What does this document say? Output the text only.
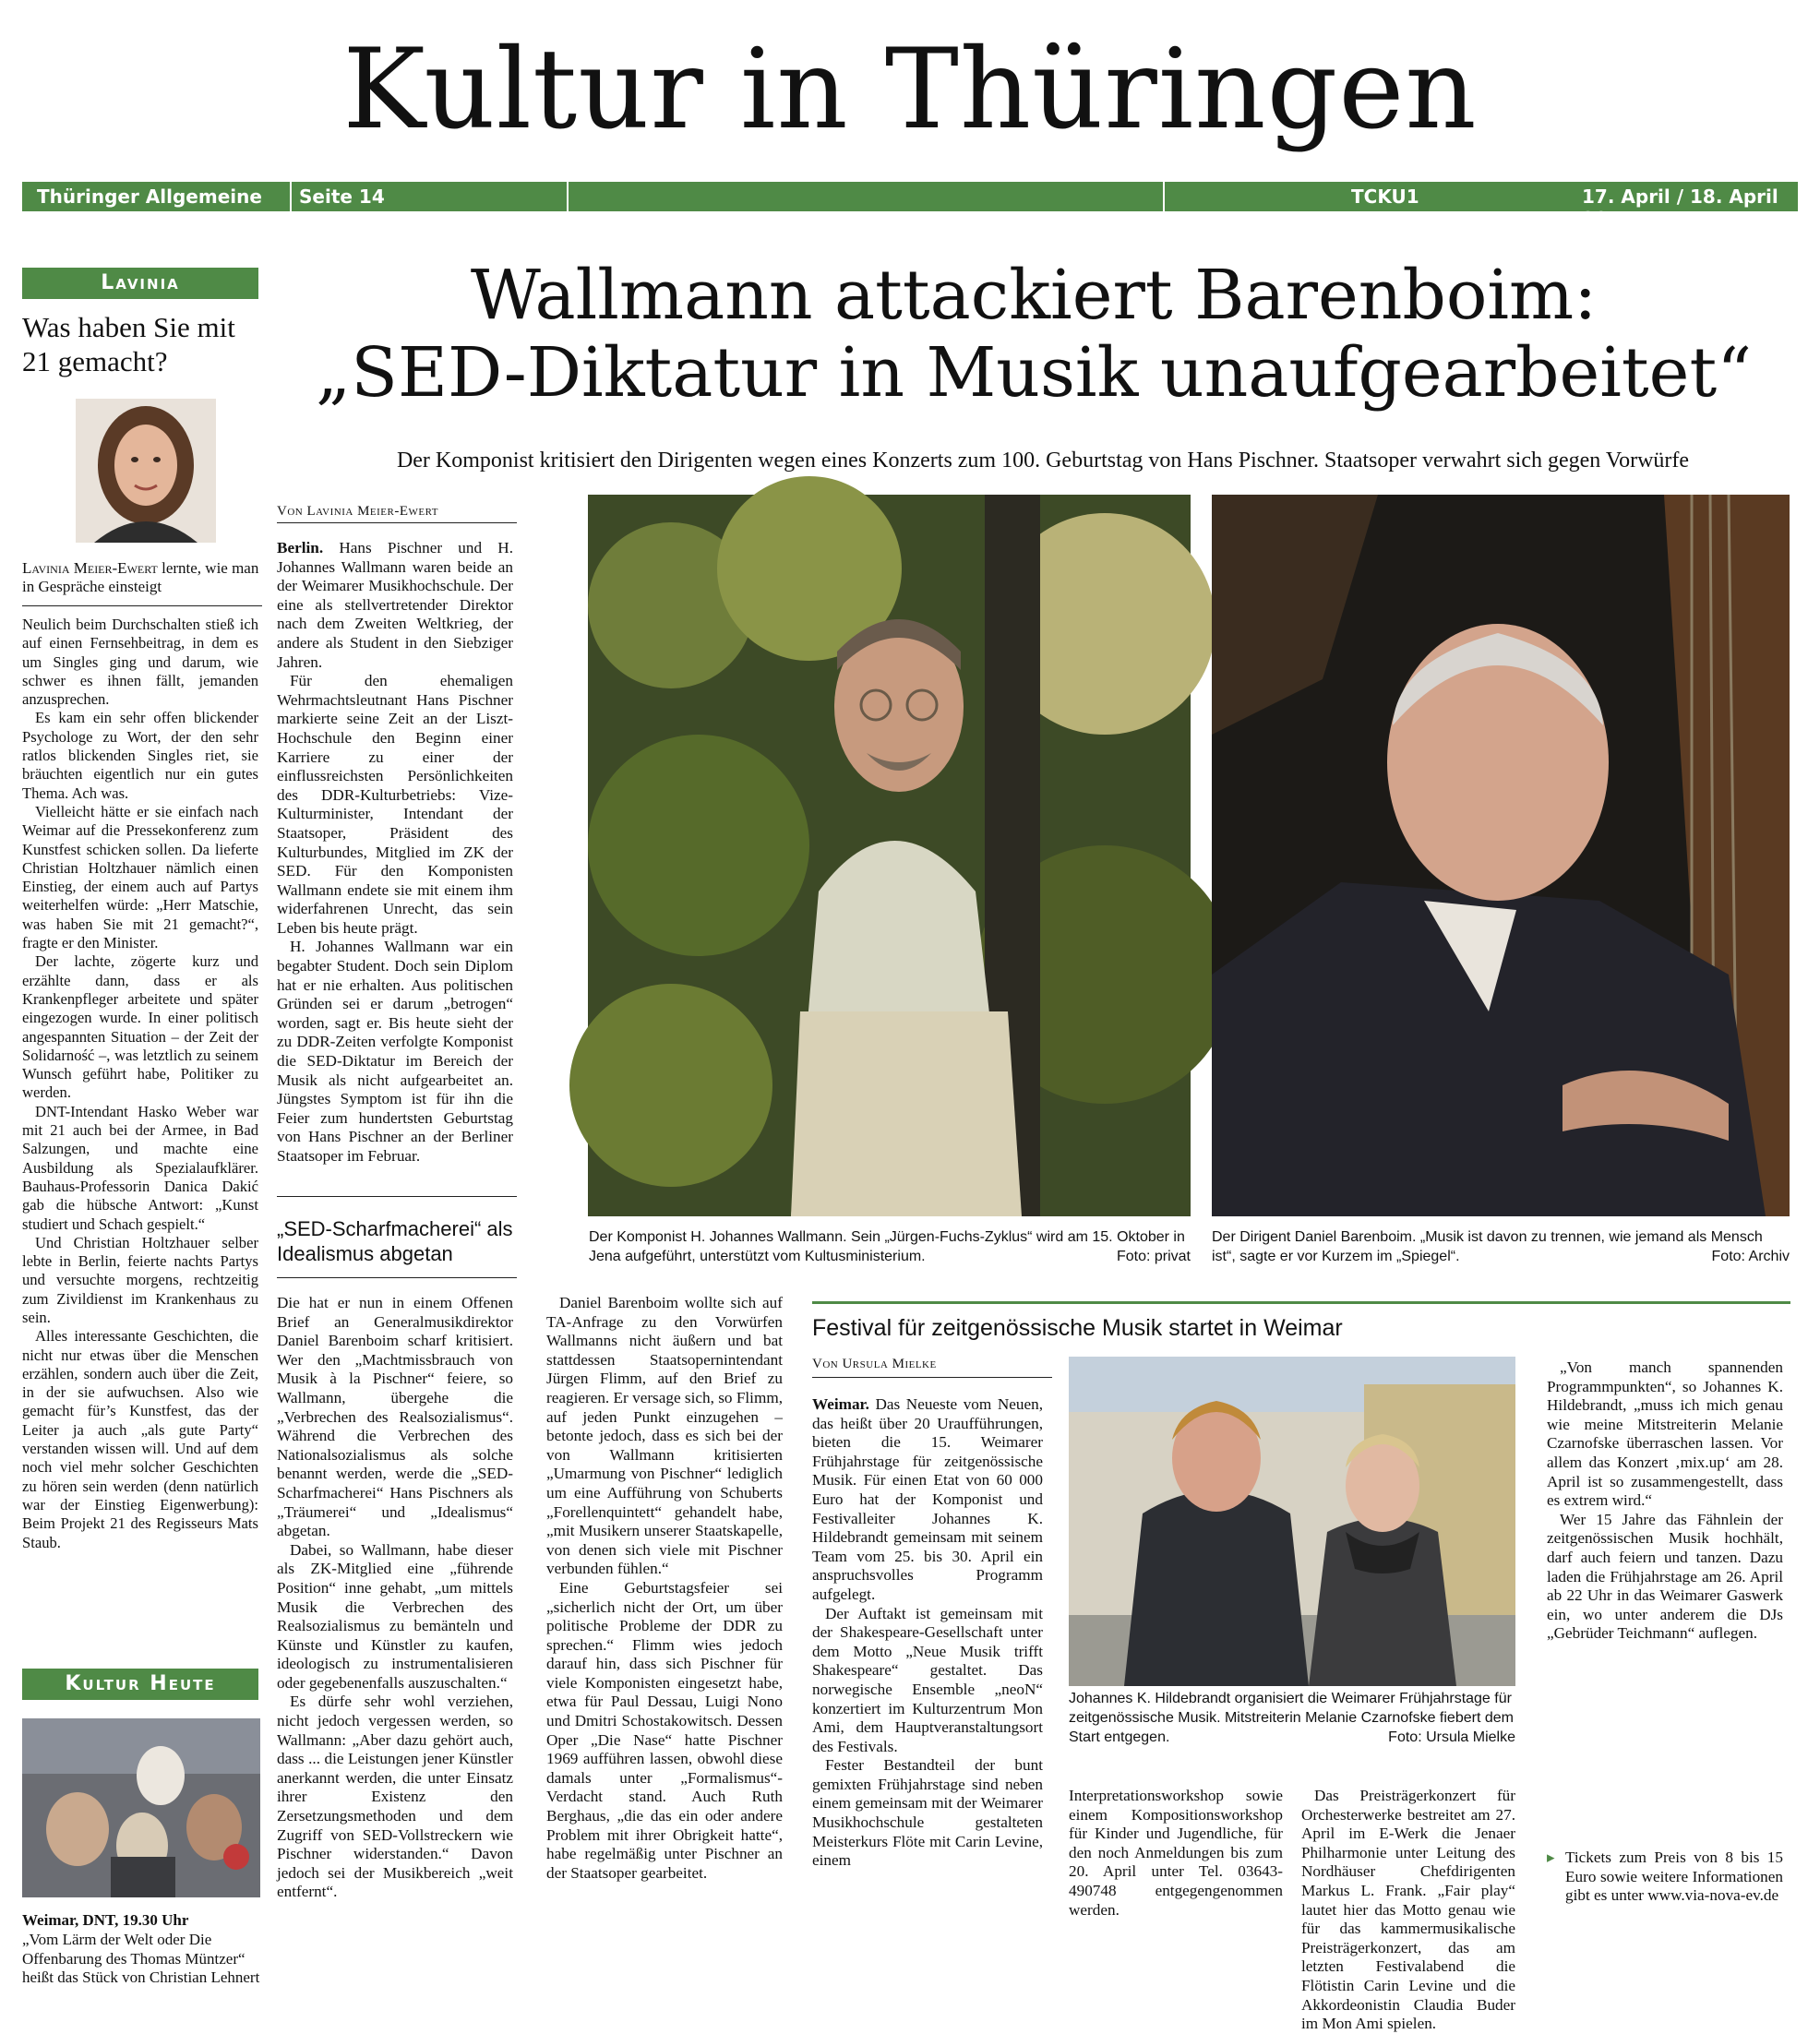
Kultur in Thüringen
Thüringer Allgemeine Seite 14	TCKU1	17. April / 18. April 2014
Lavinia
Was haben Sie mit 21 gemacht?
Lavinia Meier-Ewert lernte, wie man in Gespräche einsteigt

Neulich beim Durchschalten stieß ich auf einen Fernsehbeitrag, in dem es um Singles ging und darum, wie schwer es ihnen fällt, jemanden anzusprechen.

Es kam ein sehr offen blickender Psychologe zu Wort, der den sehr ratlos blickenden Singles riet, sie bräuchten eigentlich nur ein gutes Thema. Ach was.

Vielleicht hätte er sie einfach nach Weimar auf die Pressekonferenz zum Kunstfest schicken sollen. Da lieferte Christian Holtzhauer nämlich einen Einstieg, der einem auch auf Partys weiterhelfen würde: „Herr Matschie, was haben Sie mit 21 gemacht?“, fragte er den Minister.

Der lachte, zögerte kurz und erzählte dann, dass er als Krankenpfleger arbeitete und später eingezogen wurde. In einer politisch angespannten Situation – der Zeit der Solidarność –, was letztlich zu seinem Wunsch geführt habe, Politiker zu werden.

DNT-Intendant Hasko Weber war mit 21 auch bei der Armee, in Bad Salzungen, und machte eine Ausbildung als Spezialaufklärer. Bauhaus-Professorin Danica Dakić gab die hübsche Antwort: „Kunst studiert und Schach gespielt.“

Und Christian Holtzhauer selber lebte in Berlin, feierte nachts Partys und versuchte morgens, rechtzeitig zum Zivildienst im Krankenhaus zu sein.

Alles interessante Geschichten, die nicht nur etwas über die Menschen erzählen, sondern auch über die Zeit, in der sie aufwuchsen. Also wie gemacht für’s Kunstfest, das der Leiter ja auch „als gute Party“ verstanden wissen will. Und auf dem noch viel mehr solcher Geschichten zu hören sein werden (denn natürlich war der Einstieg Eigenwerbung): Beim Projekt 21 des Regisseurs Mats Staub.

Kultur Heute
Weimar, DNT, 19.30 Uhr
„Vom Lärm der Welt oder Die Offenbarung des Thomas Müntzer“ heißt das Stück von Christian Lehnert
Wallmann attackiert Barenboim:
„SED-Diktatur in Musik unaufgearbeitet“
Der Komponist kritisiert den Dirigenten wegen eines Konzerts zum 100. Geburtstag von Hans Pischner. Staatsoper verwahrt sich gegen Vorwürfe
Von Lavinia Meier-Ewert

Berlin. Hans Pischner und H. Johannes Wallmann waren beide an der Weimarer Musikhochschule. Der eine als stellvertretender Direktor nach dem Zweiten Weltkrieg, der andere als Student in den Siebziger Jahren.

Für den ehemaligen Wehrmachtsleutnant Hans Pischner markierte seine Zeit an der Liszt-Hochschule den Beginn einer Karriere zu einer der einflussreichsten Persönlichkeiten des DDR-Kulturbetriebs: Vize-Kulturminister, Intendant der Staatsoper, Präsident des Kulturbundes, Mitglied im ZK der SED. Für den Komponisten Wallmann endete sie mit einem ihm widerfahrenen Unrecht, das sein Leben bis heute prägt.

H. Johannes Wallmann war ein begabter Student. Doch sein Diplom hat er nie erhalten. Aus politischen Gründen sei er darum „betrogen“ worden, sagt er. Bis heute sieht der zu DDR-Zeiten verfolgte Komponist die SED-Diktatur im Bereich der Musik als nicht aufgearbeitet an. Jüngstes Symptom ist für ihn die Feier zum hundertsten Geburtstag von Hans Pischner an der Berliner Staatsoper im Februar.

„SED-Scharfmacherei“ als Idealismus abgetan
Der Komponist H. Johannes Wallmann. Sein „Jürgen-Fuchs-Zyklus“ wird am 15. Oktober in Jena aufgeführt, unterstützt vom Kultusministerium.	Foto: privat
Der Dirigent Daniel Barenboim. „Musik ist davon zu trennen, wie jemand als Mensch ist“, sagte er vor Kurzem im „Spiegel“.	Foto: Archiv

Die hat er nun in einem Offenen Brief an Generalmusikdirektor Daniel Barenboim scharf kritisiert. Wer den „Machtmissbrauch von Musik à la Pischner“ feiere, so Wallmann, übergehe die „Verbrechen des Realsozialismus“. Während die Verbrechen des Nationalsozialismus als solche benannt werden, werde die „SED-Scharfmacherei“ Hans Pischners als „Träumerei“ und „Idealismus“ abgetan.

Dabei, so Wallmann, habe dieser als ZK-Mitglied eine „führende Position“ inne gehabt, „um mittels Musik die Verbrechen des Realsozialismus zu bemänteln und Künste und Künstler zu kaufen, ideologisch zu instrumentalisieren oder gegebenenfalls auszuschalten.“

Es dürfe sehr wohl verziehen, nicht jedoch vergessen werden, so Wallmann: „Aber dazu gehört auch, dass ... die Leistungen jener Künstler anerkannt werden, die unter Einsatz ihrer Existenz den Zersetzungsmethoden und dem Zugriff von SED-Vollstreckern wie Pischner widerstanden.“ Davon jedoch sei der Musikbereich „weit entfernt“.

Daniel Barenboim wollte sich auf TA-Anfrage zu den Vorwürfen Wallmanns nicht äußern und bat stattdessen Staatsopernintendant Jürgen Flimm, auf den Brief zu reagieren. Er versage sich, so Flimm, auf jeden Punkt einzugehen – betonte jedoch, dass es sich bei der von Wallmann kritisierten „Umarmung von Pischner“ lediglich um eine Aufführung von Schuberts „Forellenquintett“ gehandelt habe, „mit Musikern unserer Staatskapelle, von denen sich viele mit Pischner verbunden fühlen.“

Eine Geburtstagsfeier sei „sicherlich nicht der Ort, um über politische Probleme der DDR zu sprechen.“ Flimm wies jedoch darauf hin, dass sich Pischner für viele Komponisten eingesetzt habe, etwa für Paul Dessau, Luigi Nono und Dmitri Schostakowitsch. Dessen Oper „Die Nase“ hatte Pischner 1969 aufführen lassen, obwohl diese damals unter „Formalismus“-Verdacht stand. Auch Ruth Berghaus, „die das ein oder andere Problem mit ihrer Obrigkeit hatte“, habe regelmäßig unter Pischner an der Staatsoper gearbeitet.

Festival für zeitgenössische Musik startet in Weimar
Von Ursula Mielke

Weimar. Das Neueste vom Neuen, das heißt über 20 Uraufführungen, bieten die 15. Weimarer Frühjahrstage für zeitgenössische Musik. Für einen Etat von 60 000 Euro hat der Komponist und Festivalleiter Johannes K. Hildebrandt gemeinsam mit seinem Team vom 25. bis 30. April ein anspruchsvolles Programm aufgelegt.

Der Auftakt ist gemeinsam mit der Shakespeare-Gesellschaft unter dem Motto „Neue Musik trifft Shakespeare“ gestaltet. Das norwegische Ensemble „neoN“ konzertiert im Kulturzentrum Mon Ami, dem Hauptveranstaltungsort des Festivals.

Fester Bestandteil der bunt gemixten Frühjahrstage sind neben einem gemeinsam mit der Weimarer Musikhochschule gestalteten Meisterkurs Flöte mit Carin Levine, einem

Johannes K. Hildebrandt organisiert die Weimarer Frühjahrstage für zeitgenössische Musik. Mitstreiterin Melanie Czarnofske fiebert dem Start entgegen.	Foto: Ursula Mielke

Interpretationsworkshop sowie einem Kompositionsworkshop für Kinder und Jugendliche, für den noch Anmeldungen bis zum 20. April unter Tel. 03643-490748 entgegengenommen werden.

Das Preisträgerkonzert für Orchesterwerke bestreitet am 27. April im E-Werk die Jenaer Philharmonie unter Leitung des Nordhäuser Chefdirigenten Markus L. Frank. „Fair play“ lautet hier das Motto genau wie für das kammermusikalische Preisträgerkonzert, das am letzten Festivalabend die Flötistin Carin Levine und die Akkordeonistin Claudia Buder im Mon Ami spielen.

„Von manch spannenden Programmpunkten“, so Johannes K. Hildebrandt, „muss ich mich genau wie meine Mitstreiterin Melanie Czarnofske überraschen lassen. Vor allem das Konzert ‚mix.up‘ am 28. April ist so zusammengestellt, dass es extrem wird.“

Wer 15 Jahre das Fähnlein der zeitgenössischen Musik hochhält, darf auch feiern und tanzen. Dazu laden die Frühjahrstage am 26. April ab 22 Uhr in das Weimarer Gaswerk ein, wo unter anderem die DJs „Gebrüder Teichmann“ auflegen.

▸ Tickets zum Preis von 8 bis 15 Euro sowie weitere Informationen gibt es unter www.via-nova-ev.de
